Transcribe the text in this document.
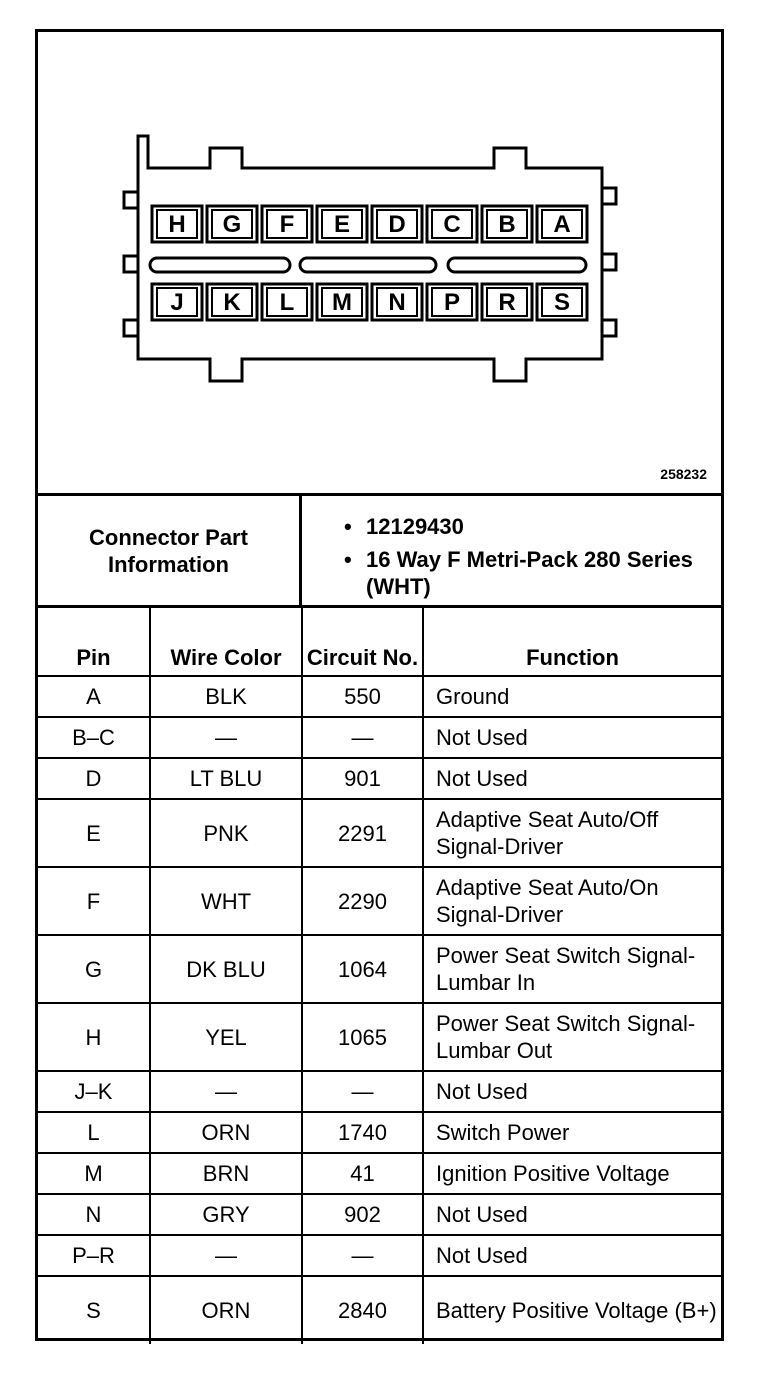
H G F E D C B A
J K L M N P R S
258232
Connector Part Information
• 12129430
• 16 Way F Metri-Pack 280 Series (WHT)
Pin	Wire Color	Circuit No.	Function
A	BLK	550	Ground
B–C	—	—	Not Used
D	LT BLU	901	Not Used
E	PNK	2291	Adaptive Seat Auto/Off Signal-Driver
F	WHT	2290	Adaptive Seat Auto/On Signal-Driver
G	DK BLU	1064	Power Seat Switch Signal-Lumbar In
H	YEL	1065	Power Seat Switch Signal-Lumbar Out
J–K	—	—	Not Used
L	ORN	1740	Switch Power
M	BRN	41	Ignition Positive Voltage
N	GRY	902	Not Used
P–R	—	—	Not Used
S	ORN	2840	Battery Positive Voltage (B+)
